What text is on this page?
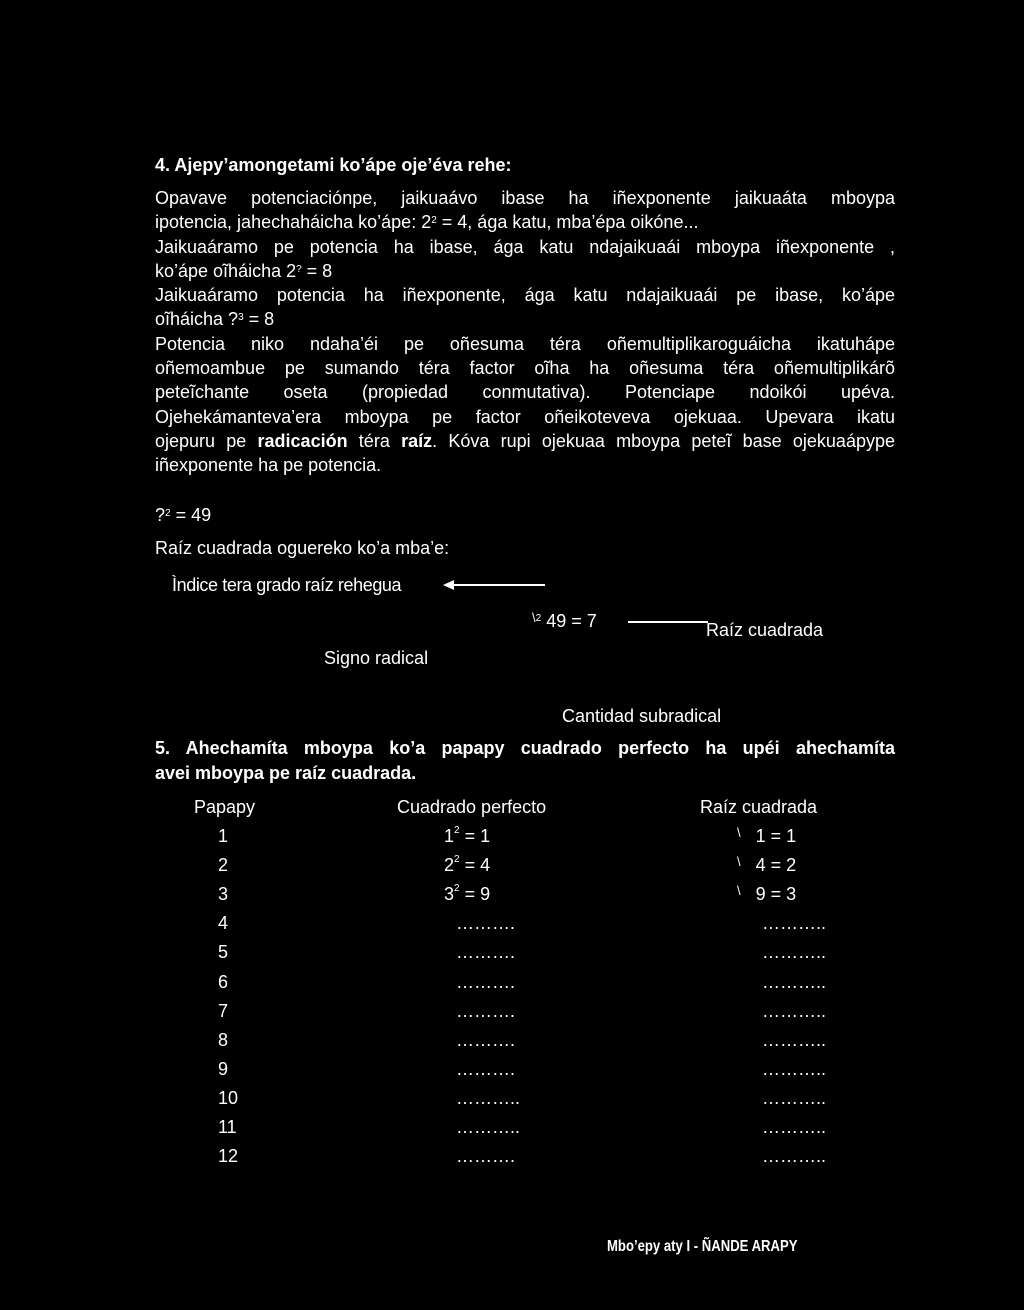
4. Ajepy’amongetami ko’ápe oje’éva rehe:
Opavave potenciaciónpe, jaikuaávo ibase ha iñexponente jaikuaáta mboypa
ipotencia, jahechaháicha ko’ápe: $2^2 = 4$, ága katu, mba’épa oikóne...
Jaikuaáramo pe potencia ha ibase, ága katu ndajaikuaái mboypa iñexponente ,
ko’ápe oĩháicha 2? = 8
Jaikuaáramo potencia ha iñexponente, ága katu ndajaikuaái pe ibase, ko’ápe
oĩháicha ?$^3$ = 8
Potencia niko ndaha’éi pe oñesuma téra oñemultiplikaroguáicha ikatuhápe
oñemoambue pe sumando téra factor oĩha ha oñesuma téra oñemultiplikárõ
peteĩchante oseta (propiedad conmutativa). Potenciape ndoikói upéva.
Ojehekámanteva’era mboypa pe factor oñeikoteveva ojekuaa. Upevara ikatu
ojepuru pe radicación téra raíz. Kóva rupi ojekuaa mboypa peteĩ base ojekuaápype
iñexponente ha pe potencia.
?$^2$ = 49
Raíz cuadrada oguereko ko’a mba’e:
Ìndice tera grado raíz rehegua
$^{\backslash 2}$ 49 = 7	Raíz cuadrada
Signo radical
Cantidad subradical
5. Ahechamíta mboypa ko’a papapy cuadrado perfecto ha upéi ahechamíta
avei mboypa pe raíz cuadrada.
Papapy	Cuadrado perfecto	Raíz cuadrada
1	$1^2 = 1$	\   1 = 1
2	$2^2 = 4$	\   4 = 2
3	$3^2 = 9$	\   9 = 3
4	……….	………..
5	……….	………..
6	……….	………..
7	……….	………..
8	……….	………..
9	……….	………..
10	………..	………..
11	………..	………..
12	……….	………..
Mbo’epy aty I - ÑANDE ARAPY
